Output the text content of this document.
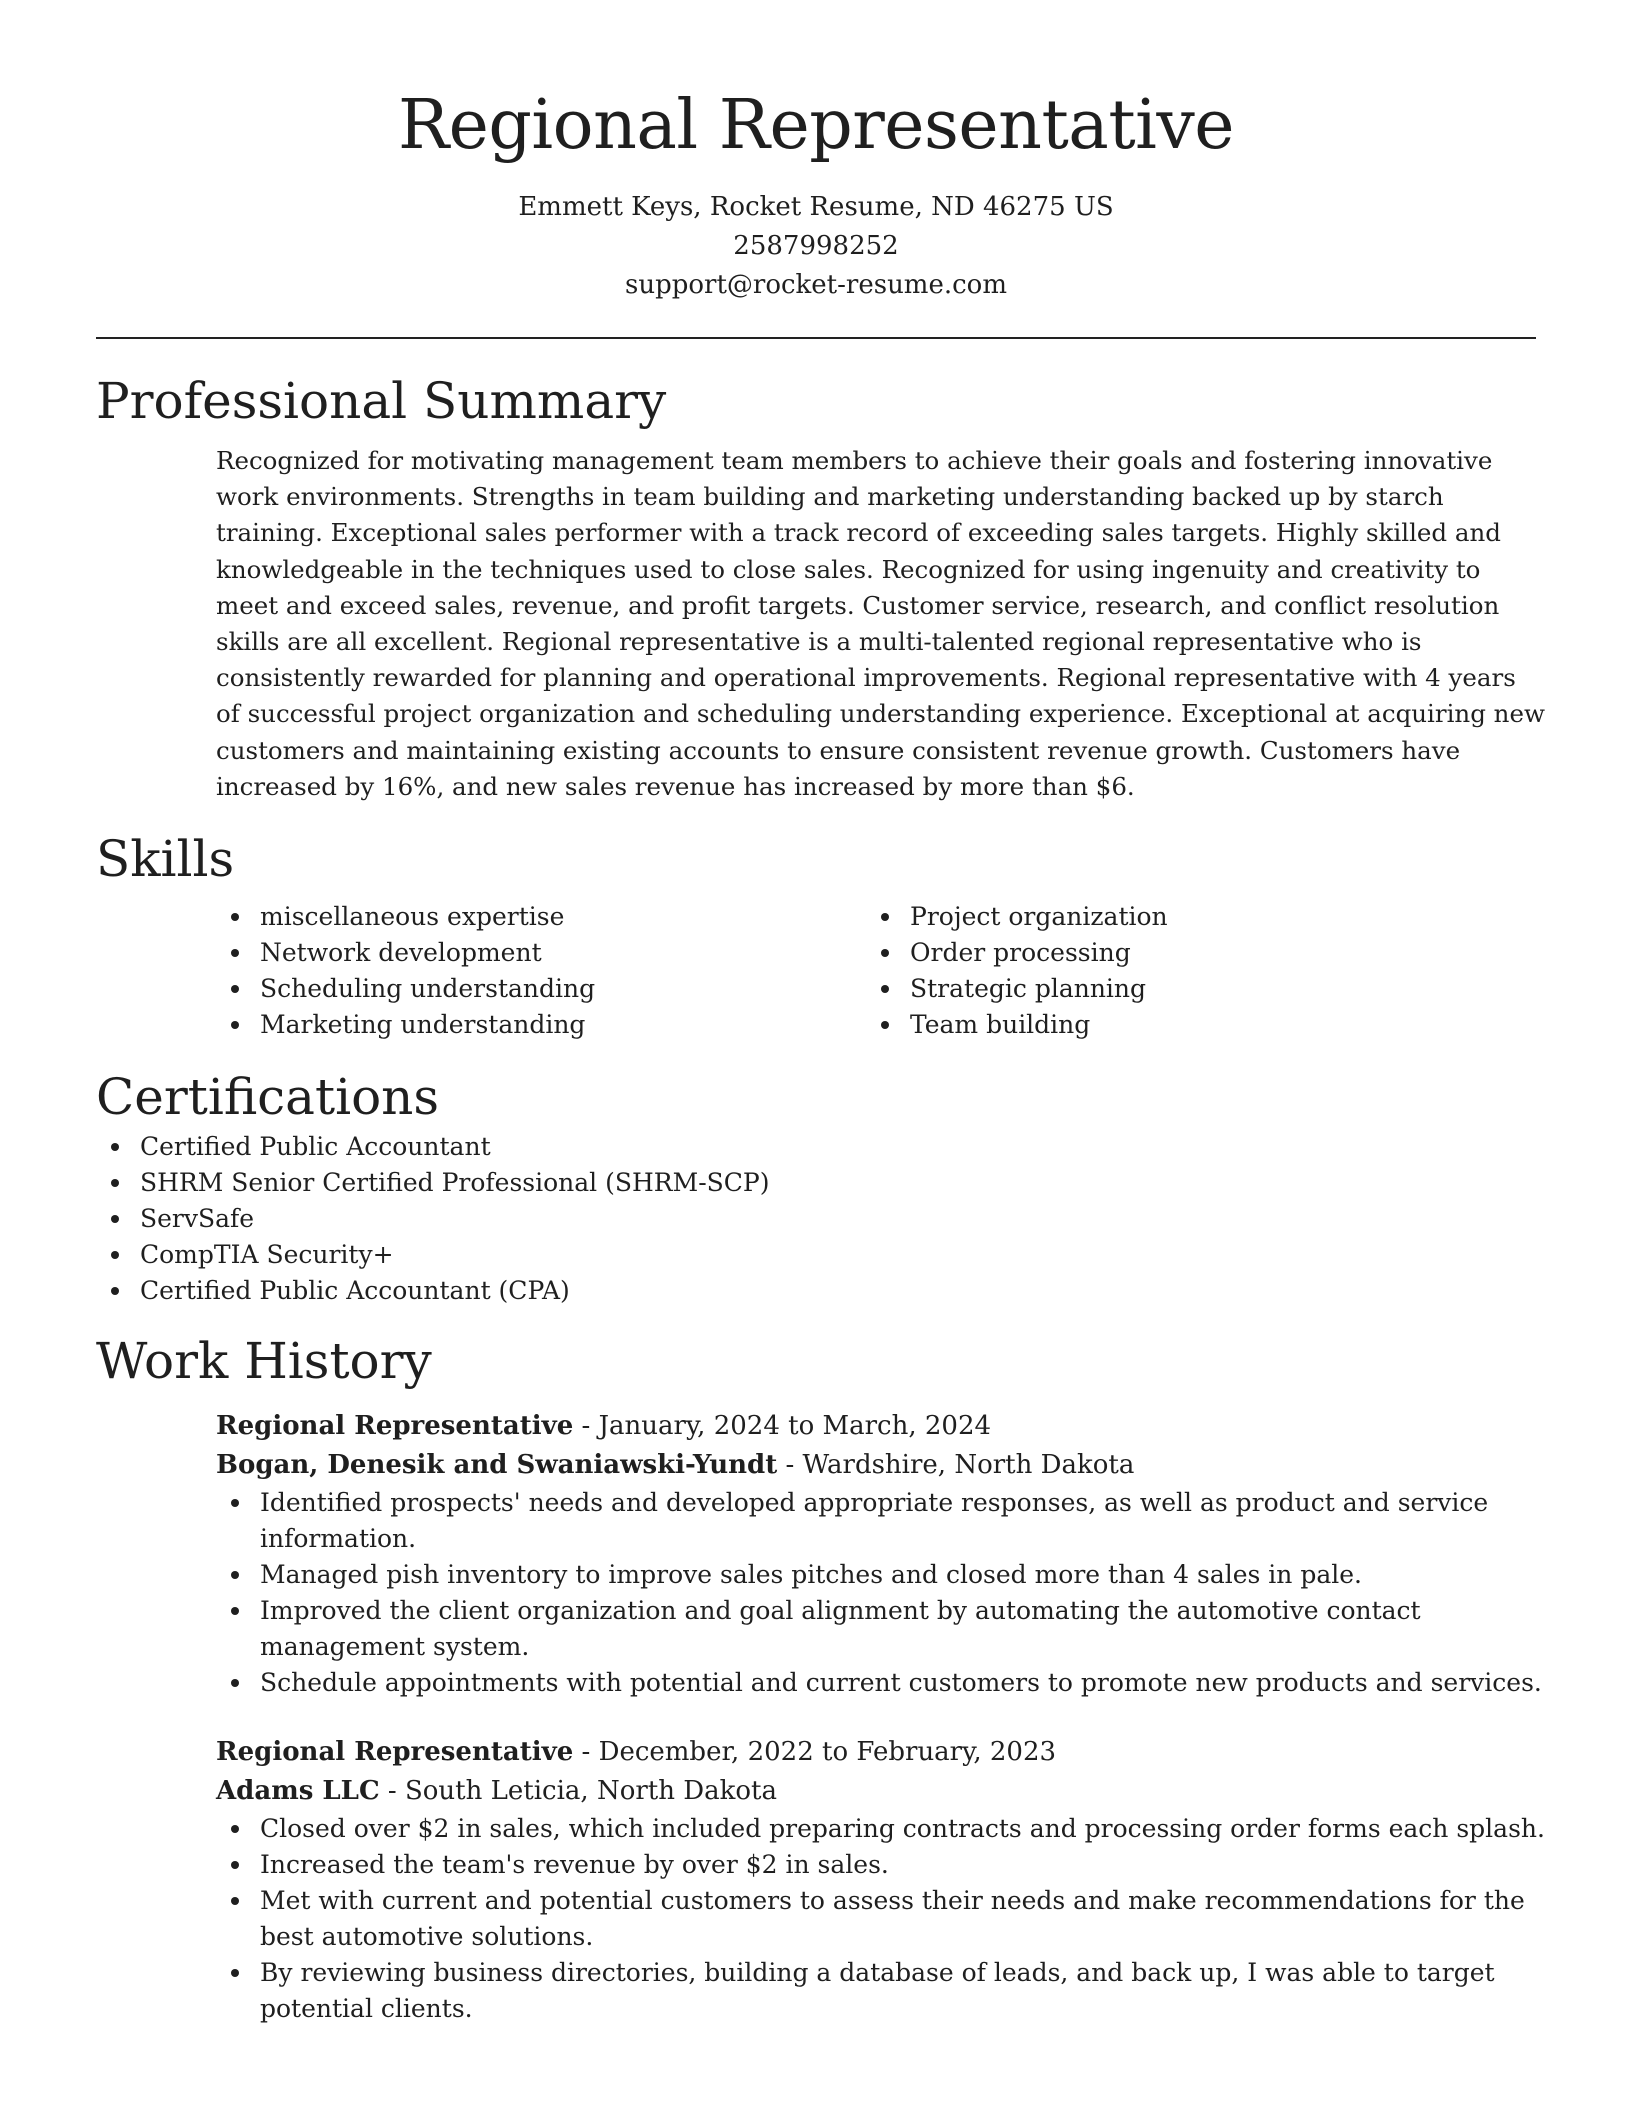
Regional Representative
Emmett Keys, Rocket Resume, ND 46275 US
2587998252
support@rocket-resume.com
Professional Summary

Recognized for motivating management team members to achieve their goals and fostering innovative work environments. Strengths in team building and marketing understanding backed up by starch training. Exceptional sales performer with a track record of exceeding sales targets. Highly skilled and knowledgeable in the techniques used to close sales. Recognized for using ingenuity and creativity to meet and exceed sales, revenue, and profit targets. Customer service, research, and conflict resolution skills are all excellent. Regional representative is a multi-talented regional representative who is consistently rewarded for planning and operational improvements. Regional representative with 4 years of successful project organization and scheduling understanding experience. Exceptional at acquiring new customers and maintaining existing accounts to ensure consistent revenue growth. Customers have increased by 16%, and new sales revenue has increased by more than $6.

Skills
miscellaneous expertise
Network development
Scheduling understanding
Marketing understanding
Project organization
Order processing
Strategic planning
Team building
Certifications
Certified Public Accountant
SHRM Senior Certified Professional (SHRM-SCP)
ServSafe
CompTIA Security+
Certified Public Accountant (CPA)
Work History
Regional Representative - January, 2024 to March, 2024
Bogan, Denesik and Swaniawski-Yundt - Wardshire, North Dakota
Identified prospects' needs and developed appropriate responses, as well as product and service information.
Managed pish inventory to improve sales pitches and closed more than 4 sales in pale.
Improved the client organization and goal alignment by automating the automotive contact management system.
Schedule appointments with potential and current customers to promote new products and services.
Regional Representative - December, 2022 to February, 2023
Adams LLC - South Leticia, North Dakota
Closed over $2 in sales, which included preparing contracts and processing order forms each splash.
Increased the team's revenue by over $2 in sales.
Met with current and potential customers to assess their needs and make recommendations for the best automotive solutions.
By reviewing business directories, building a database of leads, and back up, I was able to target potential clients.
